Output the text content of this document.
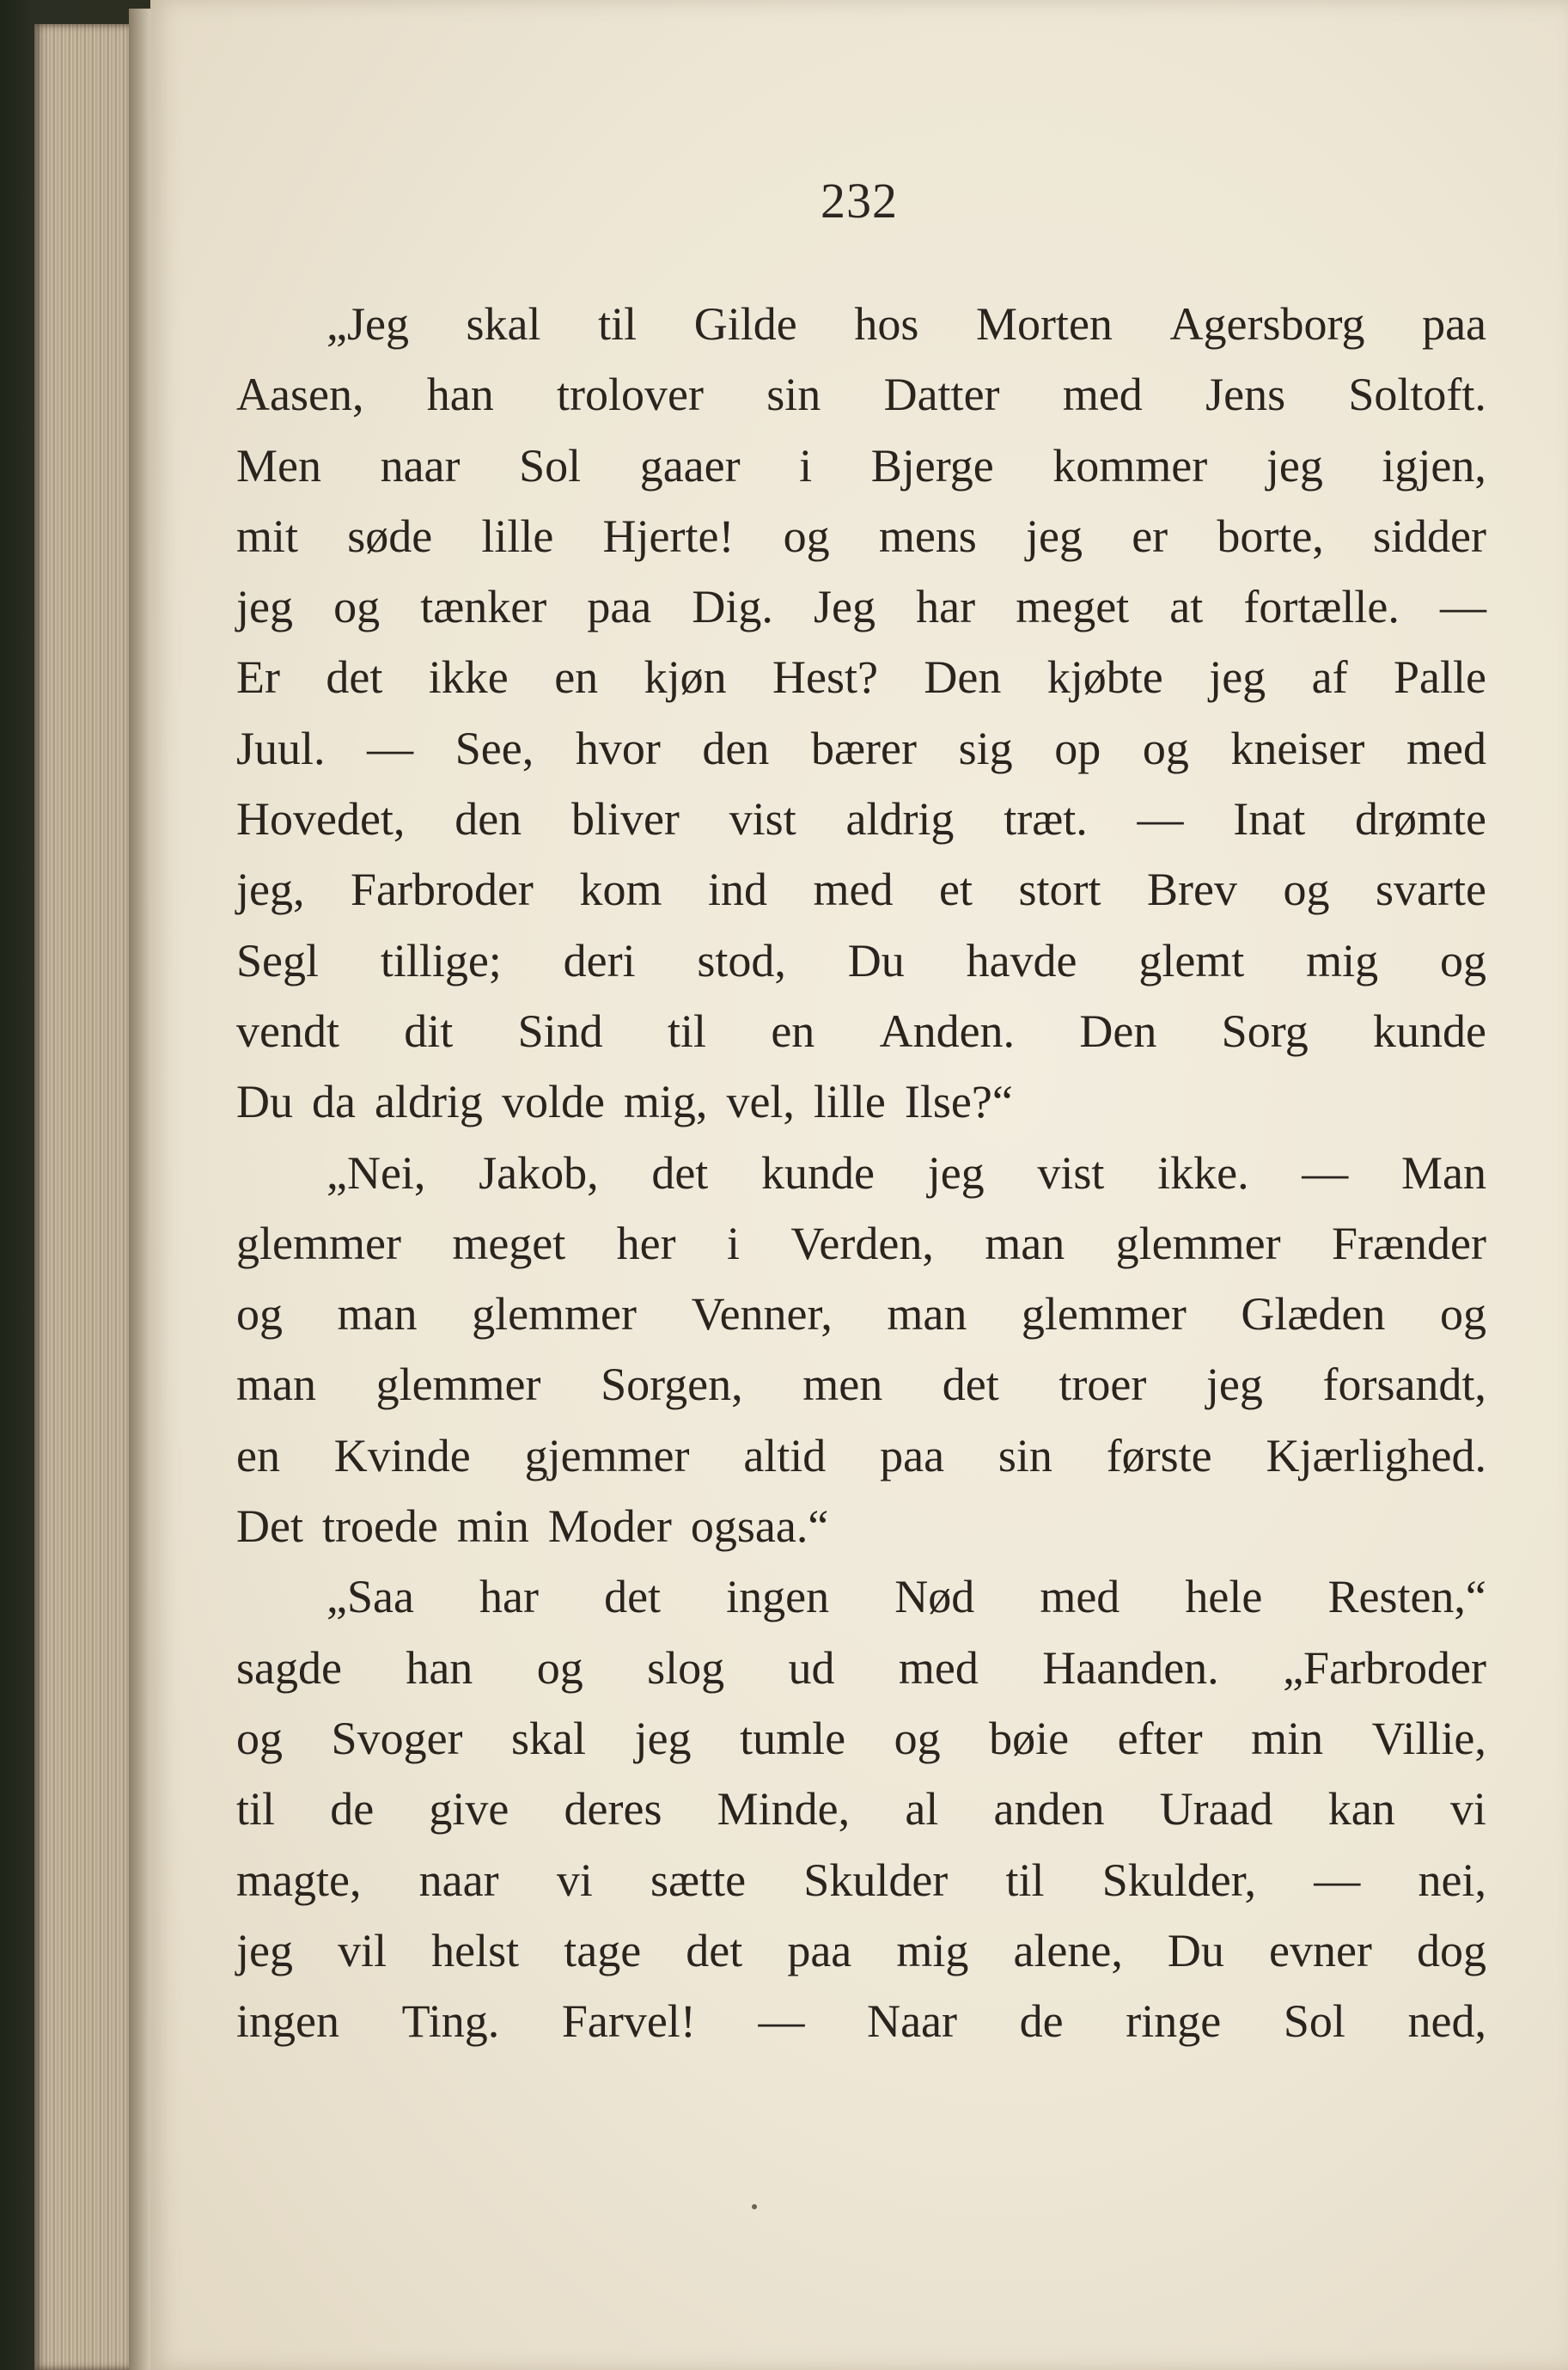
232
„Jeg skal til Gilde hos Morten Agersborg paa
Aasen, han trolover sin Datter med Jens Soltoft.
Men naar Sol gaaer i Bjerge kommer jeg igjen,
mit søde lille Hjerte! og mens jeg er borte, sidder
jeg og tænker paa Dig. Jeg har meget at fortælle. —
Er det ikke en kjøn Hest? Den kjøbte jeg af Palle
Juul. — See, hvor den bærer sig op og kneiser med
Hovedet, den bliver vist aldrig træt. — Inat drømte
jeg, Farbroder kom ind med et stort Brev og svarte
Segl tillige; deri stod, Du havde glemt mig og
vendt dit Sind til en Anden. Den Sorg kunde
Du da aldrig volde mig, vel, lille Ilse?“
„Nei, Jakob, det kunde jeg vist ikke. — Man
glemmer meget her i Verden, man glemmer Frænder
og man glemmer Venner, man glemmer Glæden og
man glemmer Sorgen, men det troer jeg forsandt,
en Kvinde gjemmer altid paa sin første Kjærlighed.
Det troede min Moder ogsaa.“
„Saa har det ingen Nød med hele Resten,“
sagde han og slog ud med Haanden. „Farbroder
og Svoger skal jeg tumle og bøie efter min Villie,
til de give deres Minde, al anden Uraad kan vi
magte, naar vi sætte Skulder til Skulder, — nei,
jeg vil helst tage det paa mig alene, Du evner dog
ingen Ting. Farvel! — Naar de ringe Sol ned,
